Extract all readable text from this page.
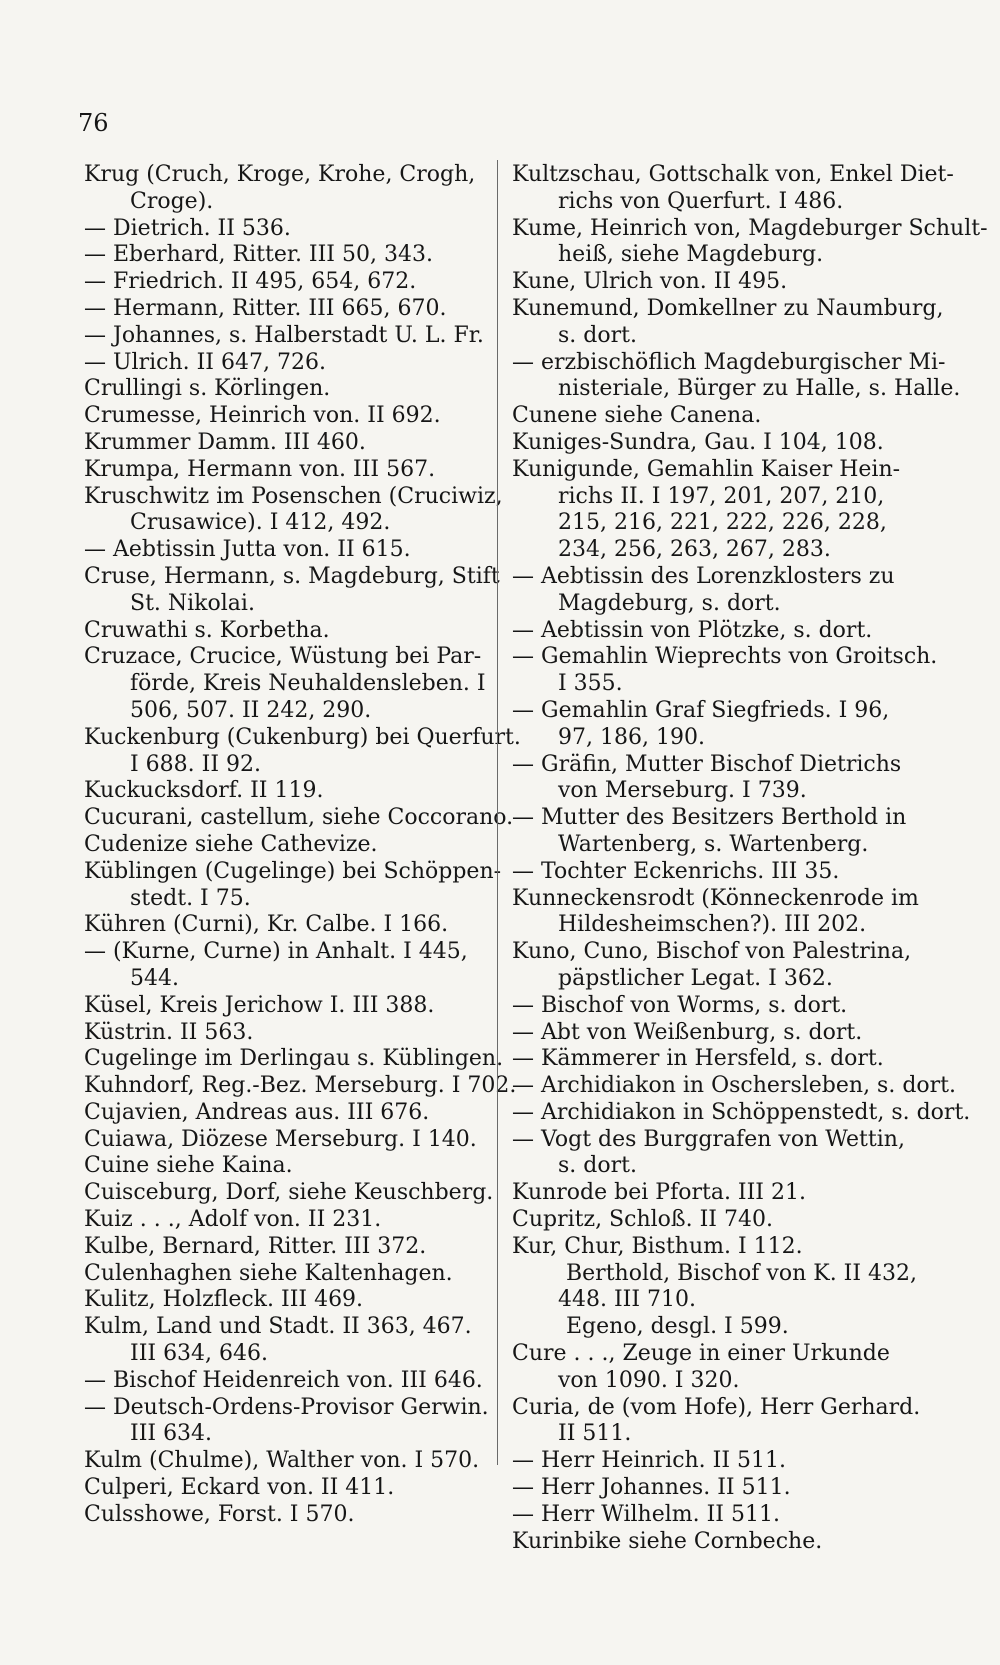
76
Krug (Cruch, Kroge, Krohe, Crogh,
Croge).
— Dietrich. II 536.
— Eberhard, Ritter. III 50, 343.
— Friedrich. II 495, 654, 672.
— Hermann, Ritter. III 665, 670.
— Johannes, s. Halberstadt U. L. Fr.
— Ulrich. II 647, 726.
Crullingi s. Körlingen.
Crumesse, Heinrich von. II 692.
Krummer Damm. III 460.
Krumpa, Hermann von. III 567.
Kruschwitz im Posenschen (Cruciwiz,
Crusawice). I 412, 492.
— Aebtissin Jutta von. II 615.
Cruse, Hermann, s. Magdeburg, Stift
St. Nikolai.
Cruwathi s. Korbetha.
Cruzace, Crucice, Wüstung bei Par-
förde, Kreis Neuhaldensleben. I
506, 507. II 242, 290.
Kuckenburg (Cukenburg) bei Querfurt.
I 688. II 92.
Kuckucksdorf. II 119.
Cucurani, castellum, siehe Coccorano.
Cudenize siehe Cathevize.
Küblingen (Cugelinge) bei Schöppen-
stedt. I 75.
Kühren (Curni), Kr. Calbe. I 166.
— (Kurne, Curne) in Anhalt. I 445,
544.
Küsel, Kreis Jerichow I. III 388.
Küstrin. II 563.
Cugelinge im Derlingau s. Küblingen.
Kuhndorf, Reg.-Bez. Merseburg. I 702.
Cujavien, Andreas aus. III 676.
Cuiawa, Diözese Merseburg. I 140.
Cuine siehe Kaina.
Cuisceburg, Dorf, siehe Keuschberg.
Kuiz . . ., Adolf von. II 231.
Kulbe, Bernard, Ritter. III 372.
Culenhaghen siehe Kaltenhagen.
Kulitz, Holzfleck. III 469.
Kulm, Land und Stadt. II 363, 467.
III 634, 646.
— Bischof Heidenreich von. III 646.
— Deutsch-Ordens-Provisor Gerwin.
III 634.
Kulm (Chulme), Walther von. I 570.
Culperi, Eckard von. II 411.
Culsshowe, Forst. I 570.
Kultzschau, Gottschalk von, Enkel Diet-
richs von Querfurt. I 486.
Kume, Heinrich von, Magdeburger Schult-
heiß, siehe Magdeburg.
Kune, Ulrich von. II 495.
Kunemund, Domkellner zu Naumburg,
s. dort.
— erzbischöflich Magdeburgischer Mi-
nisteriale, Bürger zu Halle, s. Halle.
Cunene siehe Canena.
Kuniges-Sundra, Gau. I 104, 108.
Kunigunde, Gemahlin Kaiser Hein-
richs II. I 197, 201, 207, 210,
215, 216, 221, 222, 226, 228,
234, 256, 263, 267, 283.
— Aebtissin des Lorenzklosters zu
Magdeburg, s. dort.
— Aebtissin von Plötzke, s. dort.
— Gemahlin Wieprechts von Groitsch.
I 355.
— Gemahlin Graf Siegfrieds. I 96,
97, 186, 190.
— Gräfin, Mutter Bischof Dietrichs
von Merseburg. I 739.
— Mutter des Besitzers Berthold in
Wartenberg, s. Wartenberg.
— Tochter Eckenrichs. III 35.
Kunneckensrodt (Könneckenrode im
Hildesheimschen?). III 202.
Kuno, Cuno, Bischof von Palestrina,
päpstlicher Legat. I 362.
— Bischof von Worms, s. dort.
— Abt von Weißenburg, s. dort.
— Kämmerer in Hersfeld, s. dort.
— Archidiakon in Oschersleben, s. dort.
— Archidiakon in Schöppenstedt, s. dort.
— Vogt des Burggrafen von Wettin,
s. dort.
Kunrode bei Pforta. III 21.
Cupritz, Schloß. II 740.
Kur, Chur, Bisthum. I 112.
Berthold, Bischof von K. II 432,
448. III 710.
Egeno, desgl. I 599.
Cure . . ., Zeuge in einer Urkunde
von 1090. I 320.
Curia, de (vom Hofe), Herr Gerhard.
II 511.
— Herr Heinrich. II 511.
— Herr Johannes. II 511.
— Herr Wilhelm. II 511.
Kurinbike siehe Cornbeche.
